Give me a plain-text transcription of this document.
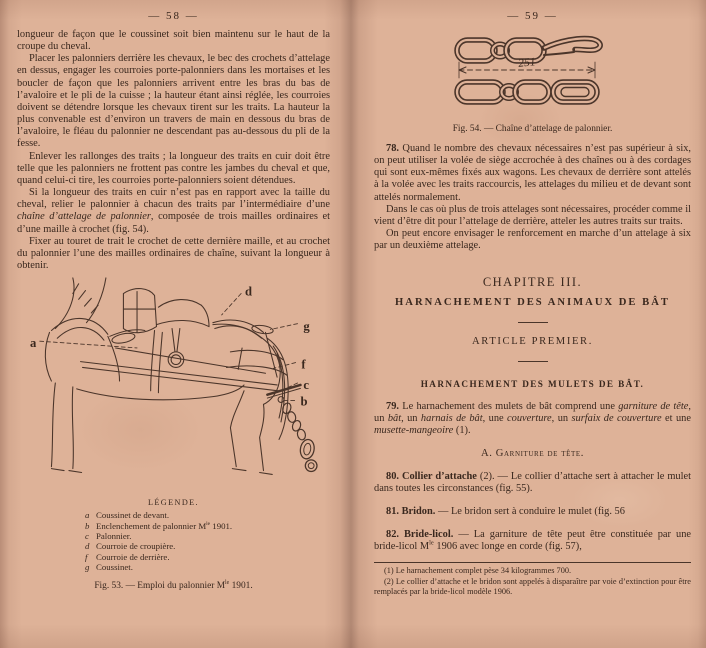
— 58 —

longueur de façon que le coussinet soit bien maintenu sur le haut de la croupe du cheval.

Placer les palonniers derrière les chevaux, le bec des crochets d’attelage en dessus, engager les courroies porte-palonniers dans les mortaises et les boucler de façon que les palonniers arrivent entre les bras du bas de l’avaloire et le pli de la cuisse ; la hauteur étant ainsi réglée, les courroies doivent se détendre lorsque les chevaux tirent sur les traits. La hauteur la plus convenable est d’environ un travers de main en dessous du bras de l’avaloire, le fléau du palonnier ne descendant pas au-dessous du pli de la fesse.

Enlever les rallonges des traits ; la longueur des traits en cuir doit être telle que les palonniers ne frottent pas contre les jambes du cheval et que, quand celui-ci tire, les courroies porte-palonniers soient détendues.

Si la longueur des traits en cuir n’est pas en rapport avec la taille du cheval, relier le palonnier à chacun des traits par l’intermédiaire d’une chaîne d’attelage de palonnier, composée de trois mailles ordinaires et d’une maille à crochet (fig. 54).

Fixer au touret de trait le crochet de cette dernière maille, et au crochet du palonnier l’une des mailles ordinaires de chaîne, suivant la longueur à obtenir.

a
d
g
f
c
b
LÉGENDE.
a Coussinet de devant.
b Enclenchement de palonnier $M^{le}$ 1901.
c Palonnier.
d Courroie de croupière.
f Courroie de derrière.
g Coussinet.
Fig. 53. — Emploi du palonnier $M^{le}$ 1901.
— 59 —
251
Fig. 54. — Chaîne d’attelage de palonnier.

78. Quand le nombre des chevaux nécessaires n’est pas supérieur à six, on peut utiliser la volée de siège accrochée à des chaînes ou à des cordages qui sont eux-mêmes fixés aux wagons. Les chevaux de derrière sont attelés à la volée avec les traits raccourcis, les attelages du milieu et de devant sont attelés normalement.

Dans le cas où plus de trois attelages sont nécessaires, procéder comme il vient d’être dit pour l’attelage de derrière, atteler les autres traits sur traits.

On peut encore envisager le renforcement en marche d’un attelage à six par un deuxième attelage.

CHAPITRE III.
HARNACHEMENT DES ANIMAUX DE BÂT
ARTICLE PREMIER.
HARNACHEMENT DES MULETS DE BÂT.

79. Le harnachement des mulets de bât comprend une garniture de tête, un bât, un harnais de bât, une couverture, un surfaix de couverture et une musette-mangeoire (1).

A. Garniture de tête.

80. Collier d’attache (2). — Le collier d’attache sert à attacher le mulet dans toutes les circonstances (fig. 55).

81. Bridon. — Le bridon sert à conduire le mulet (fig. 56

82. Bride-licol. — La garniture de tête peut être constituée par une bride-licol $M^{le}$ 1906 avec longe en corde (fig. 57),

(1) Le harnachement complet pèse 34 kilogrammes 700.
(2) Le collier d’attache et le bridon sont appelés à disparaître par voie d’extinction pour être remplacés par la bride-licol modèle 1906.
